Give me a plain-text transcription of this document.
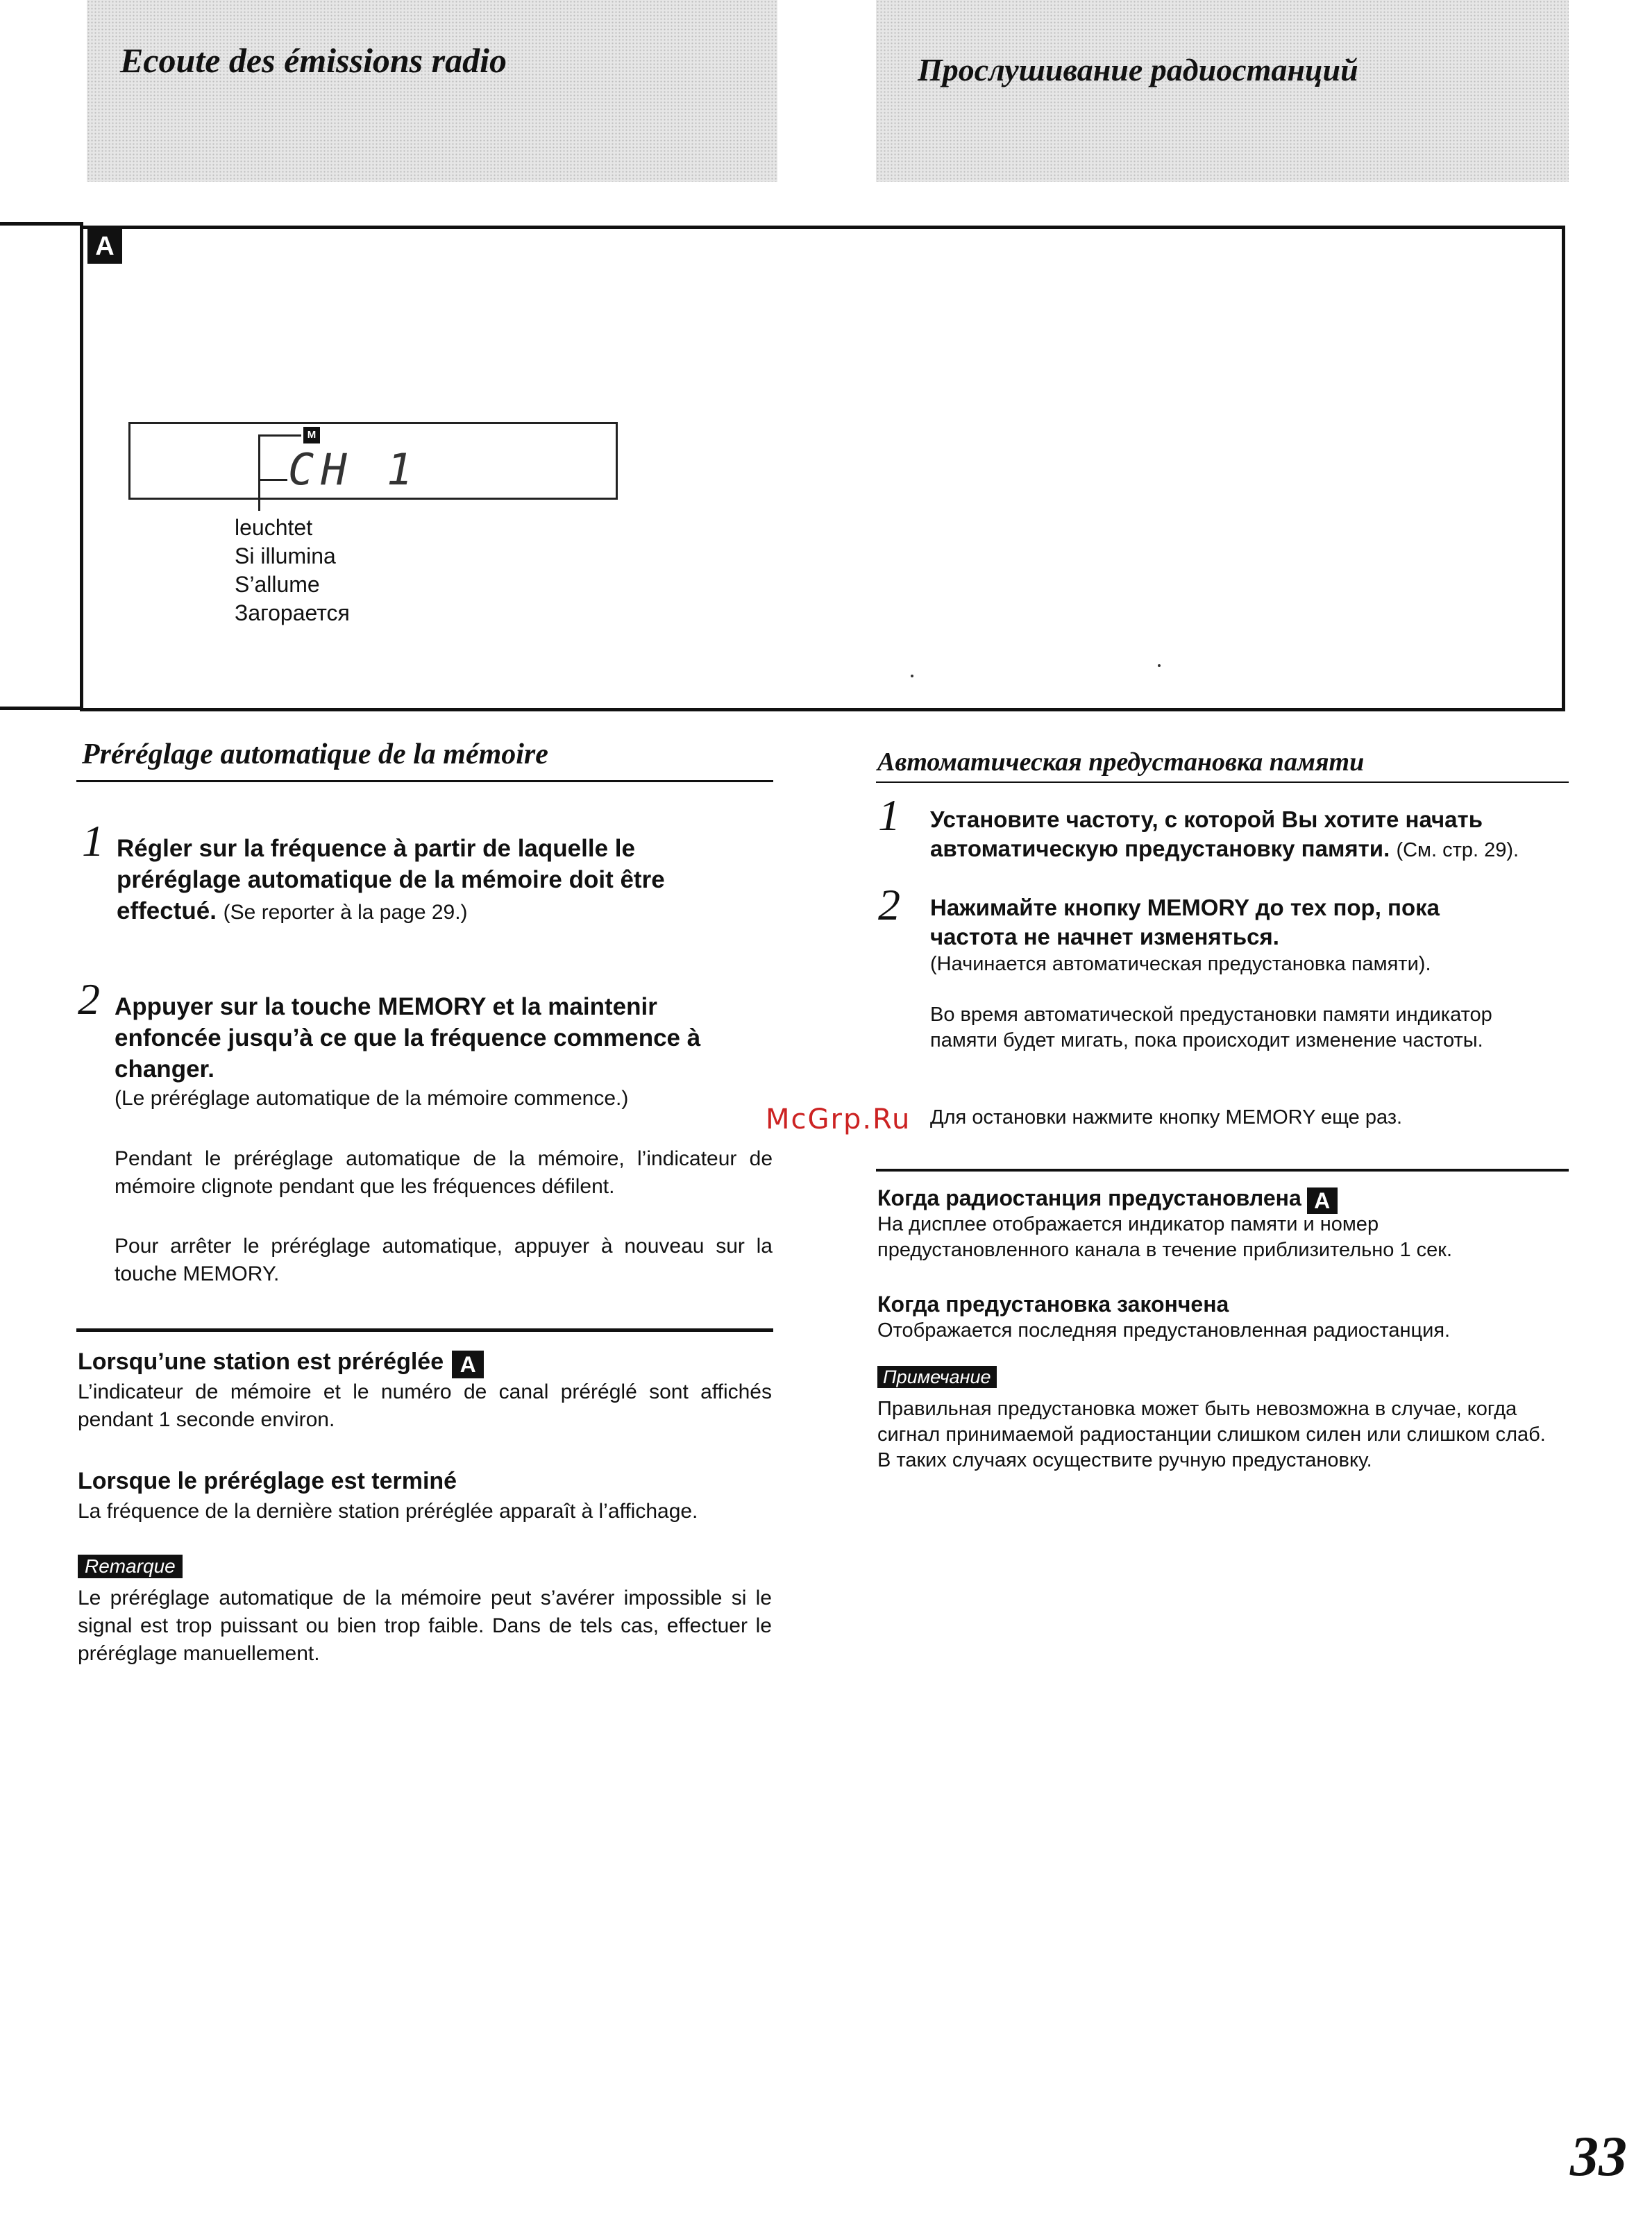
Ecoute des émissions radio	Прослушивание радиостанций
A
M
CH 1
leuchtet
Si illumina
S’allume
Загорается
Préréglage automatique de la mémoire
1 Régler sur la fréquence à partir de laquelle le
préréglage automatique de la mémoire doit être
effectué. (Se reporter à la page 29.)
2 Appuyer sur la touche MEMORY et la maintenir
enfoncée jusqu’à ce que la fréquence commence à
changer.
(Le préréglage automatique de la mémoire commence.)
Pendant le préréglage automatique de la mémoire, l’indicateur de mémoire clignote pendant que les fréquences défilent.
Pour arrêter le préréglage automatique, appuyer à nouveau sur la touche MEMORY.
Lorsqu’une station est préréglée A
L’indicateur de mémoire et le numéro de canal préréglé sont affichés pendant 1 seconde environ.
Lorsque le préréglage est terminé
La fréquence de la dernière station préréglée apparaît à l’affichage.
Remarque
Le préréglage automatique de la mémoire peut s’avérer impossible si le signal est trop puissant ou bien trop faible. Dans de tels cas, effectuer le préréglage manuellement.
McGrp.Ru
Автоматическая предустановка памяти
1 Установите частоту, с которой Вы хотите начать
автоматическую предустановку памяти. (См. стр. 29).
2 Нажимайте кнопку MEMORY до тех пор, пока
частота не начнет изменяться.
(Начинается автоматическая предустановка памяти).
Во время автоматической предустановки памяти индикатор памяти будет мигать, пока происходит изменение частоты.
Для остановки нажмите кнопку MEMORY еще раз.
Когда радиостанция предустановлена A
На дисплее отображается индикатор памяти и номер предустановленного канала в течение приблизительно 1 сек.
Когда предустановка закончена
Отображается последняя предустановленная радиостанция.
Примечание
Правильная предустановка может быть невозможна в случае, когда сигнал принимаемой радиостанции слишком силен или слишком слаб. В таких случаях осуществите ручную предустановку.
33
